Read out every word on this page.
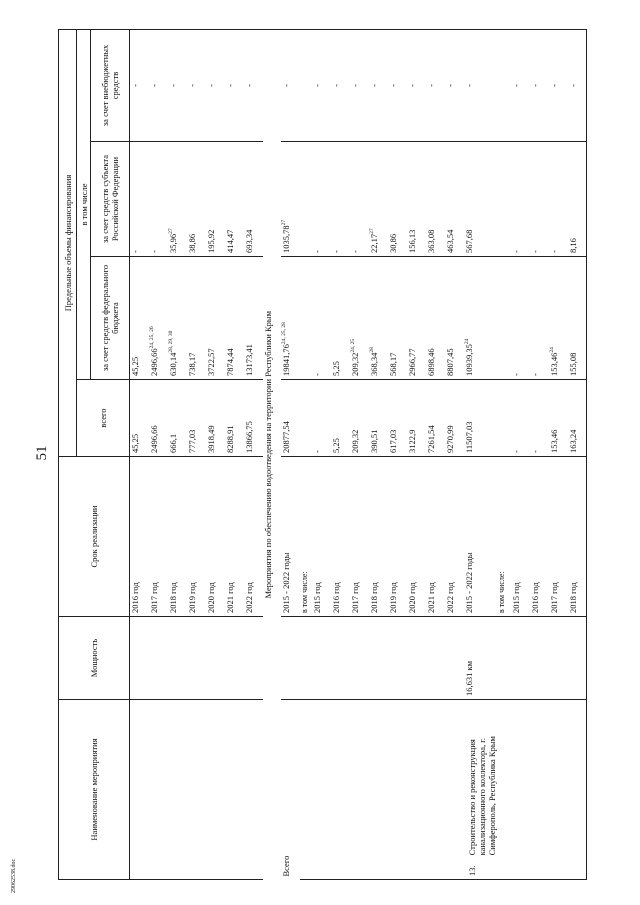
51
29062538.doc
Наименование мероприятия	Мощность	Срок реализации	Предельные объемы финансирования			
			всего	в том числе		
				за счет средств федерального бюджета	за счет средств субъекта Российской Федерации	за счет внебюджетных средств
		2016 год	45,25	45,25	-	-
		2017 год	2496,66	2496,66$^{24, 25, 26}$	-	-
		2018 год	666,1	630,14$^{28, 29, 30}$	35,96$^{27}$	-
		2019 год	777,03	738,17	38,86	-
		2020 год	3918,49	3722,57	195,92	-
		2021 год	8288,91	7874,44	414,47	-
		2022 год	13866,75	13173,41	693,34	-
Мероприятия по обеспечению водоотведения на территории Республики Крым						
Всего		2015 - 2022 годы	20877,54	19841,76$^{24, 25, 28}$	1035,78$^{27}$	-
		в том числе:				
		2015 год	-	-	-	-
		2016 год	5,25	5,25	-	-
		2017 год	209,32	209,32$^{24, 25}$	-	-
		2018 год	390,51	368,34$^{28}$	22,17$^{27}$	-
		2019 год	617,03	568,17	30,86	-
		2020 год	3122,9	2966,77	156,13	-
		2021 год	7261,54	6898,46	363,08	-
		2022 год	9270,99	8807,45	463,54	-

13.
Строительство и реконструкция канализационного коллектора, г. Симферополь, Республика Крым	16,631 км	2015 - 2022 годы	11507,03	10939,35$^{24}$	567,68	-
		в том числе:				
		2015 год	-	-	-	-
		2016 год	-	-	-	-
		2017 год	153,46	153,46$^{24}$	-	-
		2018 год	163,24	155,08	8,16	-
